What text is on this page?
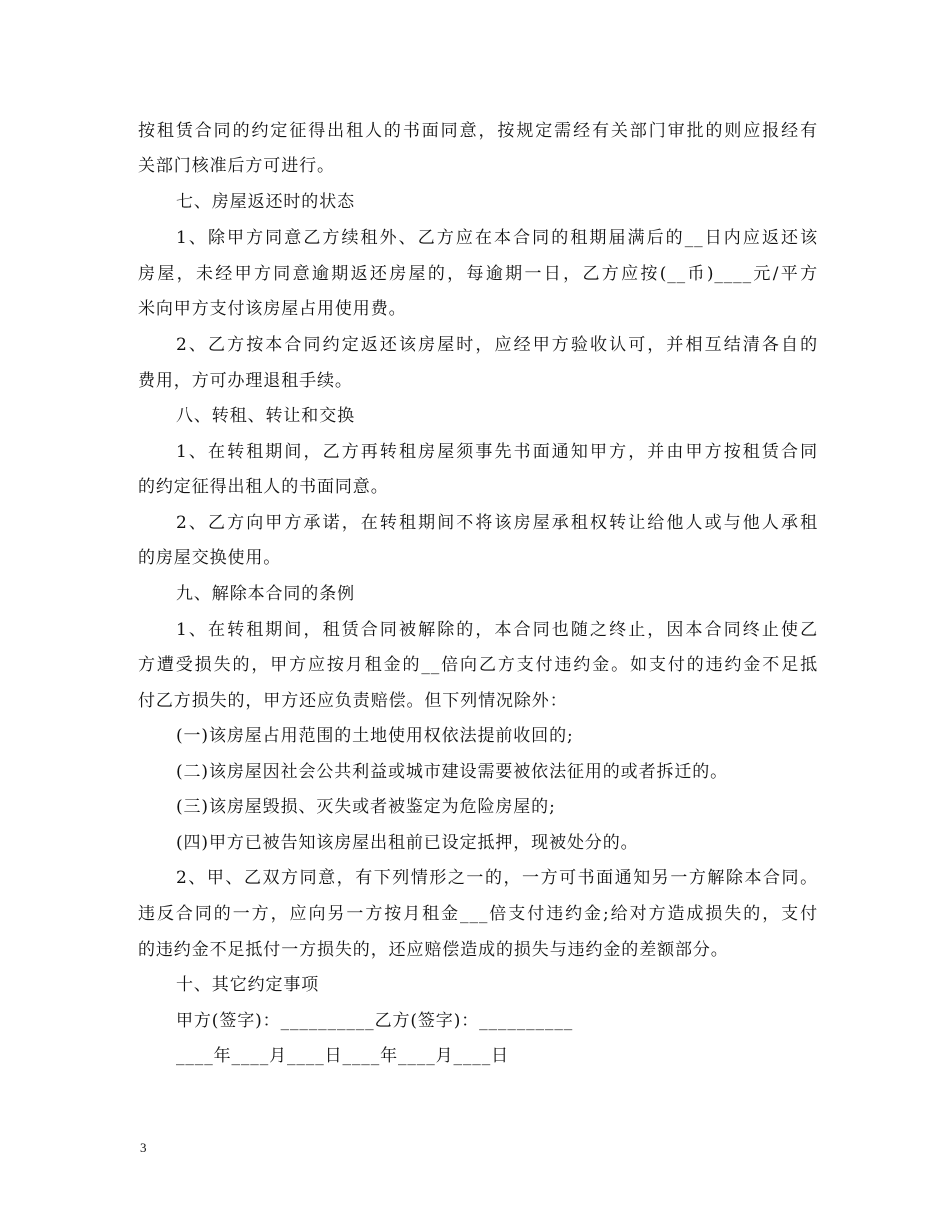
按租赁合同的约定征得出租人的书面同意，按规定需经有关部门审批的则应报经有
关部门核准后方可进行。
七、房屋返还时的状态
1、除甲方同意乙方续租外、乙方应在本合同的租期届满后的__日内应返还该
房屋，未经甲方同意逾期返还房屋的，每逾期一日，乙方应按(__币)____元/平方
米向甲方支付该房屋占用使用费。
2、乙方按本合同约定返还该房屋时，应经甲方验收认可，并相互结清各自的
费用，方可办理退租手续。
八、转租、转让和交换
1、在转租期间，乙方再转租房屋须事先书面通知甲方，并由甲方按租赁合同
的约定征得出租人的书面同意。
2、乙方向甲方承诺，在转租期间不将该房屋承租权转让给他人或与他人承租
的房屋交换使用。
九、解除本合同的条例
1、在转租期间，租赁合同被解除的，本合同也随之终止，因本合同终止使乙
方遭受损失的，甲方应按月租金的__倍向乙方支付违约金。如支付的违约金不足抵
付乙方损失的，甲方还应负责赔偿。但下列情况除外：
(一)该房屋占用范围的土地使用权依法提前收回的;
(二)该房屋因社会公共利益或城市建设需要被依法征用的或者拆迁的。
(三)该房屋毁损、灭失或者被鉴定为危险房屋的;
(四)甲方已被告知该房屋出租前已设定抵押，现被处分的。
2、甲、乙双方同意，有下列情形之一的，一方可书面通知另一方解除本合同。
违反合同的一方，应向另一方按月租金___倍支付违约金;给对方造成损失的，支付
的违约金不足抵付一方损失的，还应赔偿造成的损失与违约金的差额部分。
十、其它约定事项
甲方(签字)：__________乙方(签字)：__________
____年____月____日____年____月____日
3
